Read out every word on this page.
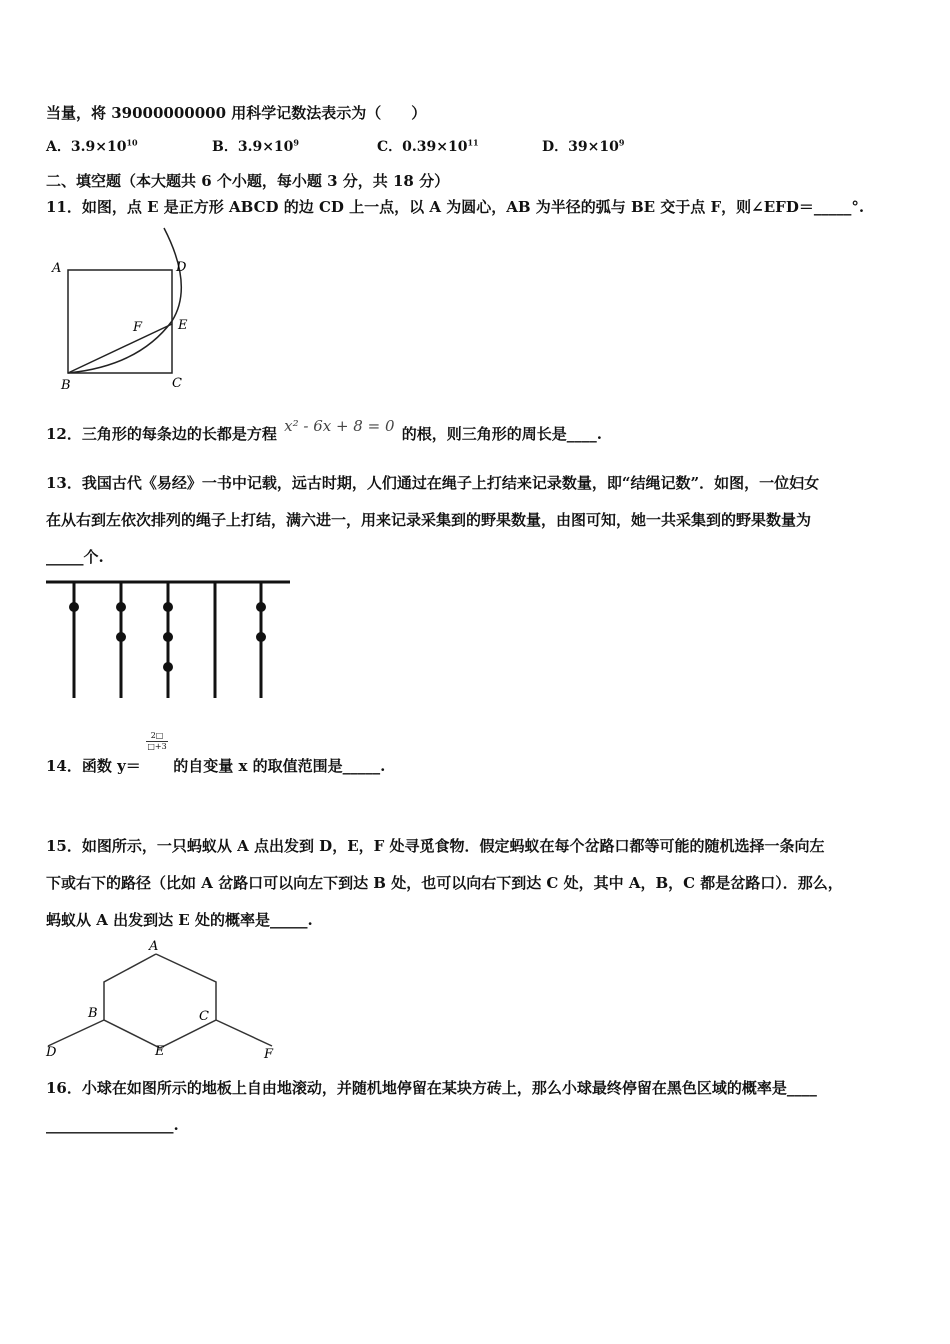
当量，将 39000000000 用科学记数法表示为（　　）
A．$3.9\times 10^{10}$	B．$3.9\times 10^9$	C．$0.39\times 10^{11}$	D．$39\times 10^9$
二、填空题（本大题共 6 个小题，每小题 3 分，共 18 分）
11．如图，点 E 是正方形 ABCD 的边 CD 上一点，以 A 为圆心，AB 为半径的弧与 BE 交于点 F，则∠EFD＝_____°.
A	D
E
F
B	C
12．三角形的每条边的长都是方程 x² - 6x + 8 = 0 的根，则三角形的周长是____.
13．我国古代《易经》一书中记载，远古时期，人们通过在绳子上打结来记录数量，即“结绳记数”．如图，一位妇女
在从右到左依次排列的绳子上打结，满六进一，用来记录采集到的野果数量，由图可知，她一共采集到的野果数量为
_____个.
14．函数 y＝
$\frac{2□}{□+3}$
的自变量 x 的取值范围是_____.
15．如图所示，一只蚂蚁从 A 点出发到 D，E，F 处寻觅食物．假定蚂蚁在每个岔路口都等可能的随机选择一条向左
下或右下的路径（比如 A 岔路口可以向左下到达 B 处，也可以向右下到达 C 处，其中 A，B，C 都是岔路口）．那么，
蚂蚁从 A 出发到达 E 处的概率是_____.
A
B	C
D	E	F
16．小球在如图所示的地板上自由地滚动，并随机地停留在某块方砖上，那么小球最终停留在黑色区域的概率是____
_________________.
